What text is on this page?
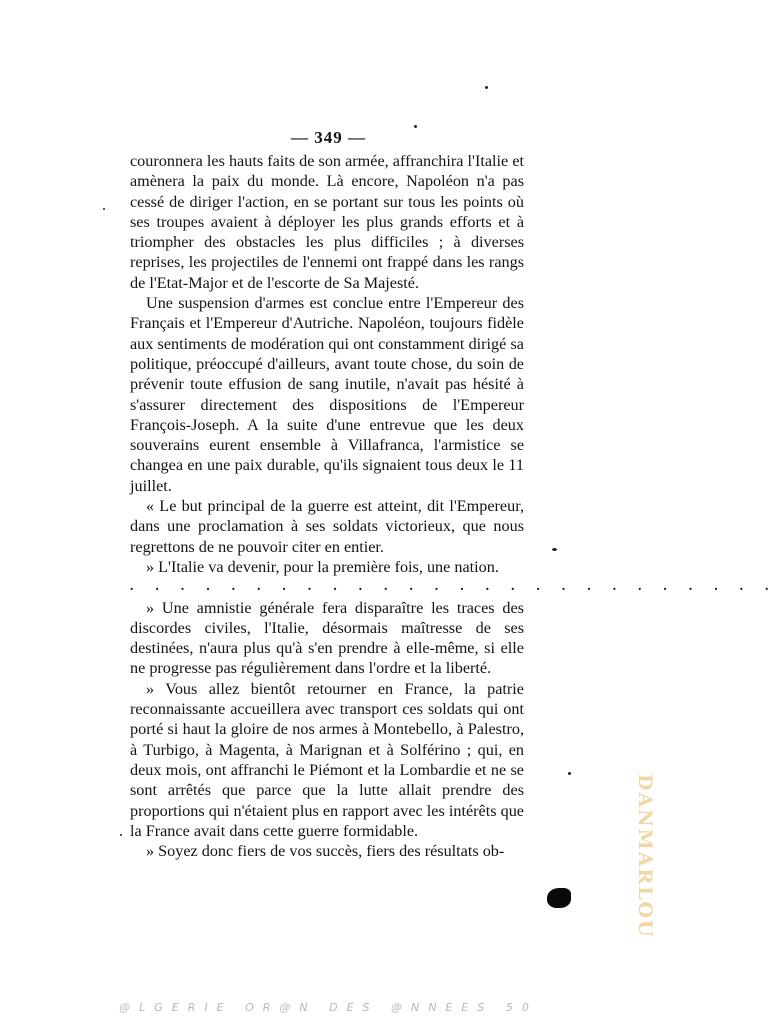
— 349 —

couronnera les hauts faits de son armée, affranchira l'Italie et amènera la paix du monde. Là encore, Napoléon n'a pas cessé de diriger l'action, en se portant sur tous les points où ses troupes avaient à déployer les plus grands efforts et à triompher des obstacles les plus difficiles ; à diverses reprises, les projectiles de l'ennemi ont frappé dans les rangs de l'Etat-Major et de l'escorte de Sa Majesté.

Une suspension d'armes est conclue entre l'Empereur des Français et l'Empereur d'Autriche. Napoléon, toujours fidèle aux sentiments de modération qui ont constamment dirigé sa politique, préoccupé d'ailleurs, avant toute chose, du soin de prévenir toute effusion de sang inutile, n'avait pas hésité à s'assurer directement des dispositions de l'Empereur François-Joseph. A la suite d'une entrevue que les deux souverains eurent ensemble à Villafranca, l'armistice se changea en une paix durable, qu'ils signaient tous deux le 11 juillet.

« Le but principal de la guerre est atteint, dit l'Empereur, dans une proclamation à ses soldats victorieux, que nous regrettons de ne pouvoir citer en entier.

» L'Italie va devenir, pour la première fois, une nation.

. . . . . . . . . . . . . . . . . . . . . . . . . .

» Une amnistie générale fera disparaître les traces des discordes civiles, l'Italie, désormais maîtresse de ses destinées, n'aura plus qu'à s'en prendre à elle-même, si elle ne progresse pas régulièrement dans l'ordre et la liberté.

» Vous allez bientôt retourner en France, la patrie reconnaissante accueillera avec transport ces soldats qui ont porté si haut la gloire de nos armes à Montebello, à Palestro, à Turbigo, à Magenta, à Marignan et à Solférino ; qui, en deux mois, ont affranchi le Piémont et la Lombardie et ne se sont arrêtés que parce que la lutte allait prendre des proportions qui n'étaient plus en rapport avec les intérêts que la France avait dans cette guerre formidable.

» Soyez donc fiers de vos succès, fiers des résultats ob-	DANMARLOU
@LGERIE OR@N DES @NNEES 50
